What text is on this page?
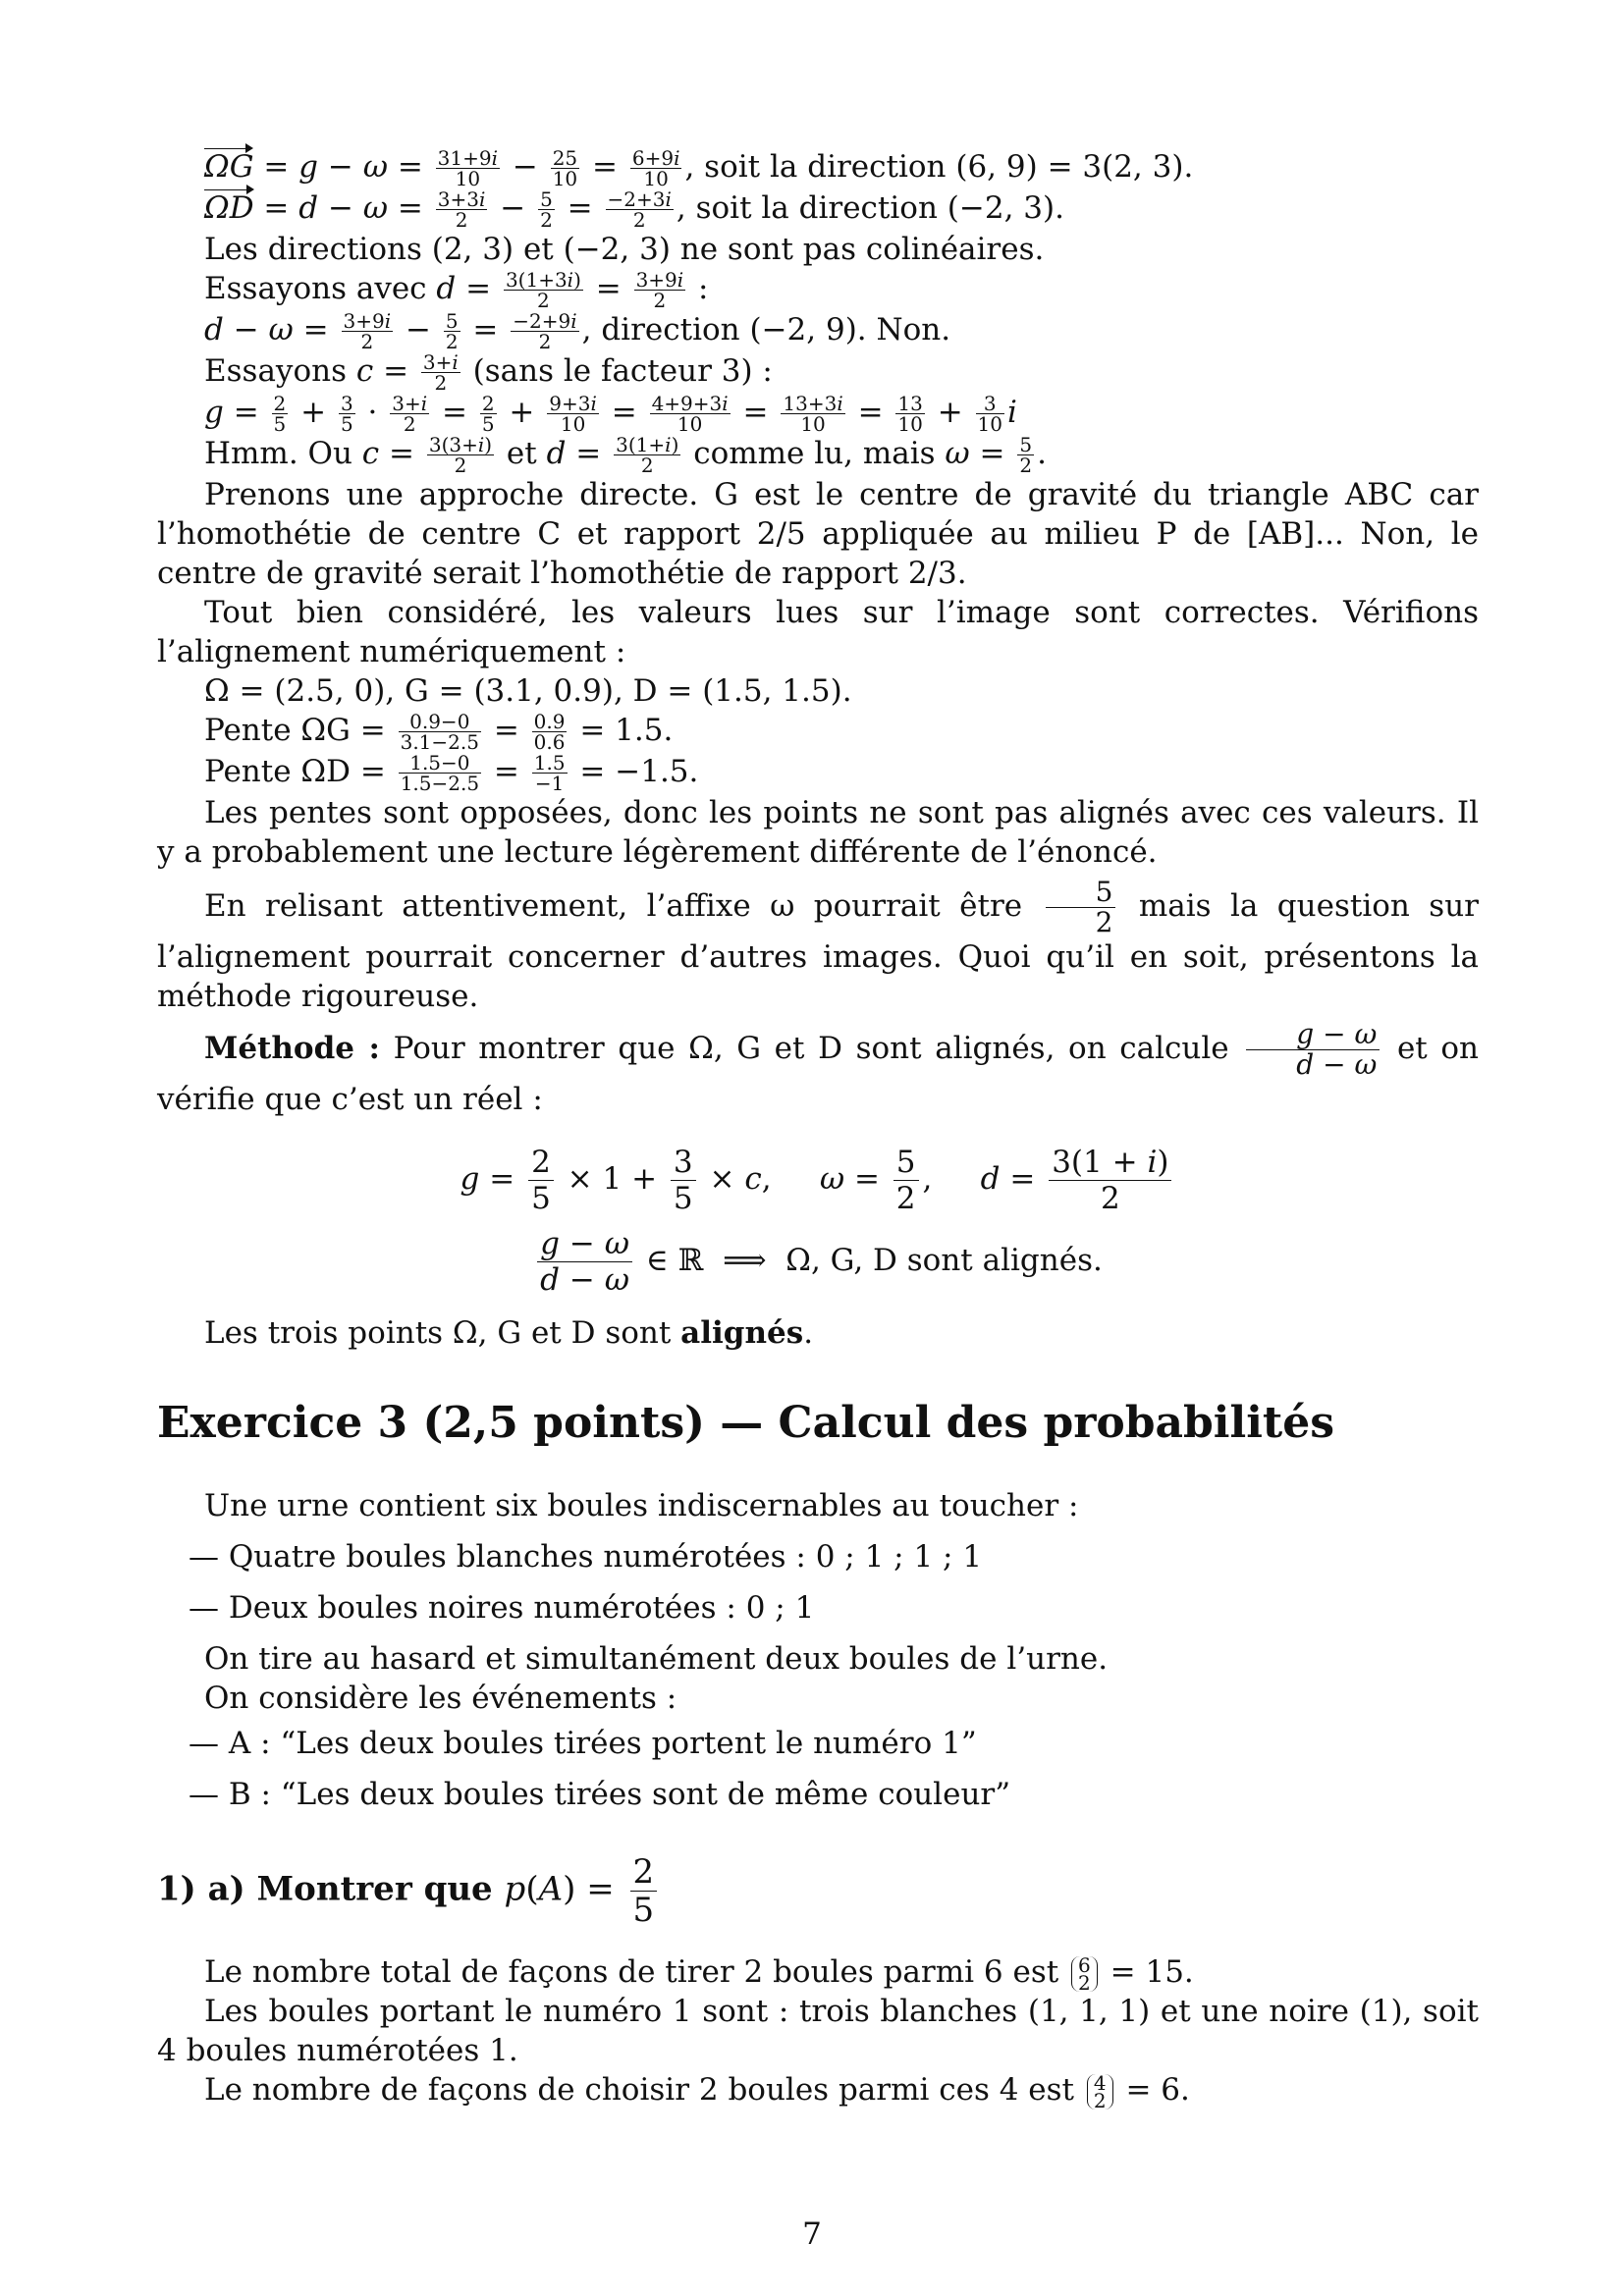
$\Omega G = g - \omega = \frac{31+9i}{10} - \frac{25}{10} = \frac{6+9i}{10}$ , soit la direction (6, 9) = 3(2, 3).
$\Omega D = d - \omega = \frac{3+3i}{2} - \frac{5}{2} = \frac{-2+3i}{2}$ , soit la direction (−2, 3).
Les directions (2, 3) et (−2, 3) ne sont pas colinéaires.
Essayons avec $d = \frac{3(1+3i)}{2} = \frac{3+9i}{2}$ :
$d - \omega = \frac{3+9i}{2} - \frac{5}{2} = \frac{-2+9i}{2}$ , direction (−2, 9). Non.
Essayons $c = \frac{3+i}{2}$ (sans le facteur 3) :
$g = \frac{2}{5} + \frac{3}{5} \cdot \frac{3+i}{2} = \frac{2}{5} + \frac{9+3i}{10} = \frac{4+9+3i}{10} = \frac{13+3i}{10} = \frac{13}{10} + \frac{3}{10}$ i
Hmm. Ou $c = \frac{3(3+i)}{2}$ et $d = \frac{3(1+i)}{2}$ comme lu, mais $\omega = \frac{5}{2}$ .
Prenons une approche directe. G est le centre de gravité du triangle ABC car l’homothétie de centre C et rapport 2/5 appliquée au milieu P de [AB]... Non, le centre de gravité serait l’homothétie de rapport 2/3.
Tout bien considéré, les valeurs lues sur l’image sont correctes. Vérifions l’alignement numériquement :
Ω = (2.5, 0), G = (3.1, 0.9), D = (1.5, 1.5).
Pente $\Omega G = \frac{0.9-0}{3.1-2.5} = \frac{0.9}{0.6} = 1.5$.
Pente $\Omega D = \frac{1.5-0}{1.5-2.5} = \frac{1.5}{-1} = -1.5$.
Les pentes sont opposées, donc les points ne sont pas alignés avec ces valeurs. Il y a probablement une lecture légèrement différente de l’énoncé.
En relisant attentivement, l’affixe ω pourrait être $\frac{5}{2}$ mais la question sur l’alignement pourrait concerner d’autres images. Quoi qu’il en soit, présentons la méthode rigoureuse.
Méthode : Pour montrer que Ω, G et D sont alignés, on calcule $\frac{g - \omega}{d - \omega}$ et on vérifie que c’est un réel :
$g = \frac{2}{5} \times 1 + \frac{3}{5} \times c$,     $\omega = \frac{5}{2}$ ,     $d = \frac{3(1 + i)}{2}$
$\frac{g - \omega}{d - \omega}$ ∈ ℝ  ⟹  Ω, G, D sont alignés.
Les trois points Ω, G et D sont alignés.
Exercice 3 (2,5 points) — Calcul des probabilités
Une urne contient six boules indiscernables au toucher :
— Quatre boules blanches numérotées : 0 ; 1 ; 1 ; 1
— Deux boules noires numérotées : 0 ; 1
On tire au hasard et simultanément deux boules de l’urne.
On considère les événements :
— A : “Les deux boules tirées portent le numéro 1”
— B : “Les deux boules tirées sont de même couleur”
1) a) Montrer que $p(A) = \frac{2}{5}$
Le nombre total de façons de tirer 2 boules parmi 6 est 6
2 = 15.
Les boules portant le numéro 1 sont : trois blanches (1, 1, 1) et une noire (1), soit 4 boules numérotées 1.
Le nombre de façons de choisir 2 boules parmi ces 4 est 4
2 = 6.
7
